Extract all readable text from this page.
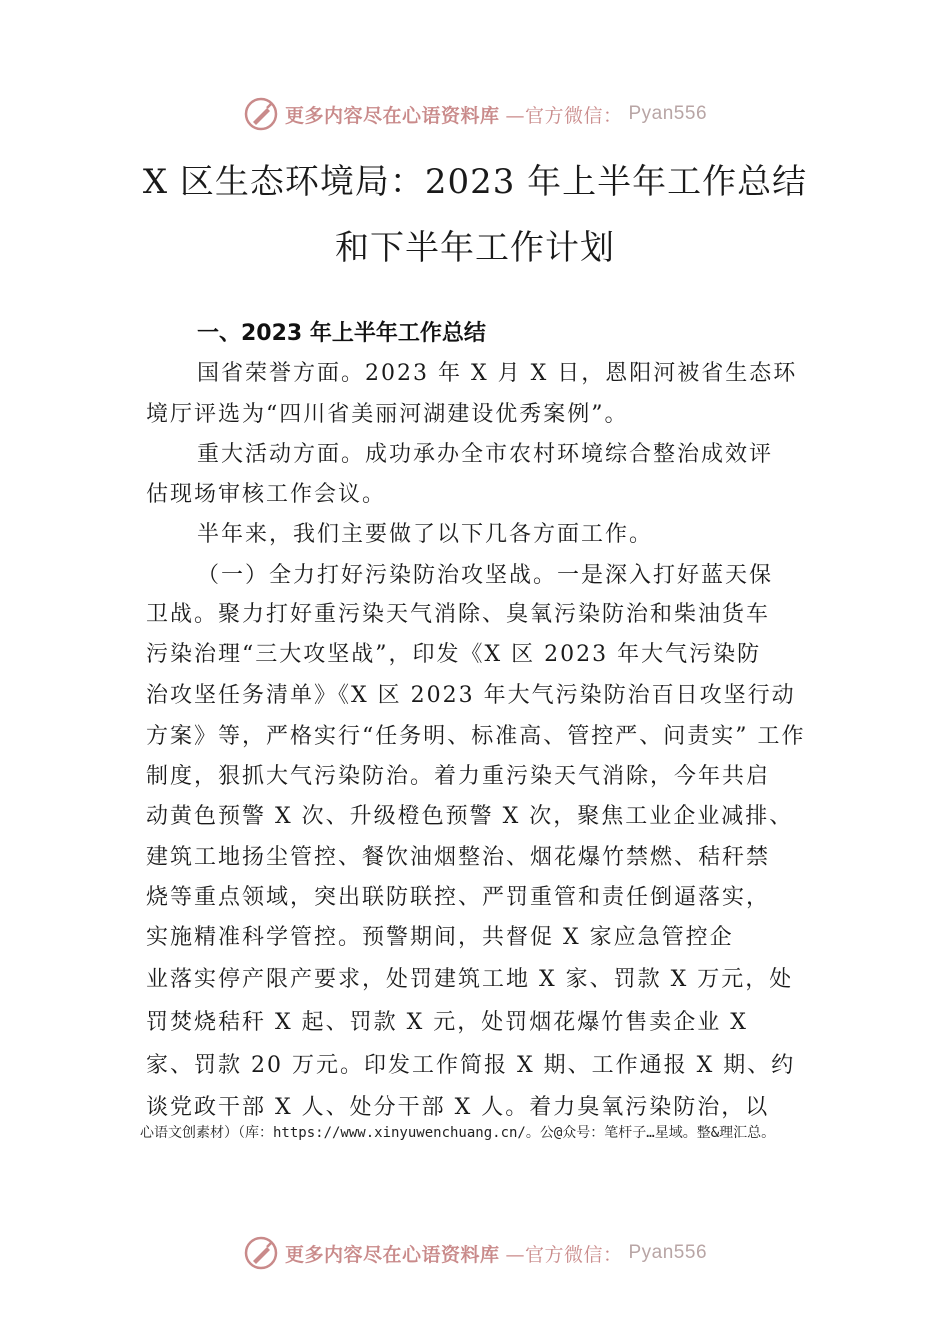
更多内容尽在心语资料库 —官方微信： Pyan556
X 区生态环境局：2023 年上半年工作总结
和下半年工作计划
一、2023 年上半年工作总结
国省荣誉方面。2023 年 X 月 X 日，恩阳河被省生态环
境厅评选为“四川省美丽河湖建设优秀案例”。
重大活动方面。成功承办全市农村环境综合整治成效评
估现场审核工作会议。
半年来，我们主要做了以下几各方面工作。
（一）全力打好污染防治攻坚战。一是深入打好蓝天保
卫战。聚力打好重污染天气消除、臭氧污染防治和柴油货车
污染治理“三大攻坚战”，印发《X 区 2023 年大气污染防
治攻坚任务清单》《X 区 2023 年大气污染防治百日攻坚行动
方案》等，严格实行“任务明、标准高、管控严、问责实” 工作
制度，狠抓大气污染防治。着力重污染天气消除，今年共启
动黄色预警 X 次、升级橙色预警 X 次，聚焦工业企业减排、
建筑工地扬尘管控、餐饮油烟整治、烟花爆竹禁燃、秸秆禁
烧等重点领域，突出联防联控、严罚重管和责任倒逼落实，
实施精准科学管控。预警期间，共督促 X 家应急管控企
业落实停产限产要求，处罚建筑工地 X 家、罚款 X 万元，处
罚焚烧秸秆 X 起、罚款 X 元，处罚烟花爆竹售卖企业 X
家、罚款 20 万元。印发工作简报 X 期、工作通报 X 期、约
谈党政干部 X 人、处分干部 X 人。着力臭氧污染防治，以
心语文创素材）（库：https://www.xinyuwenchuang.cn/。公@众号：笔杆子…星域。整&理汇总。
更多内容尽在心语资料库 —官方微信： Pyan556
